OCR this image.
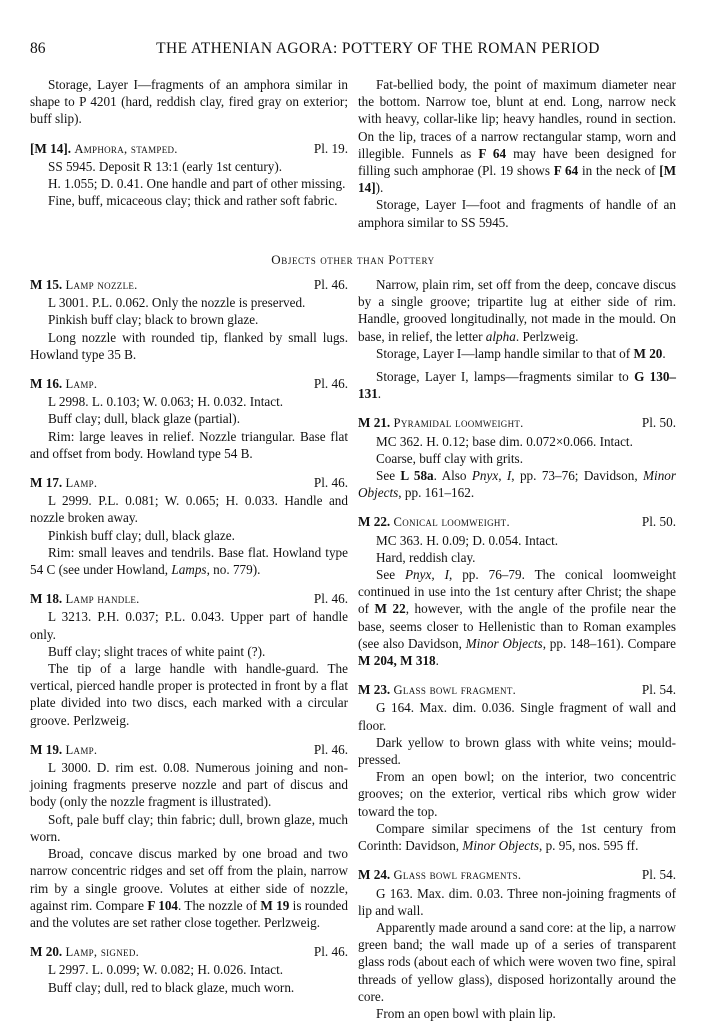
86	THE ATHENIAN AGORA: POTTERY OF THE ROMAN PERIOD

Storage, Layer I—fragments of an amphora similar in shape to P 4201 (hard, reddish clay, fired gray on exterior; buff slip).

[M 14]. Amphora, stamped.	Pl. 19.

SS 5945. Deposit R 13:1 (early 1st century).

H. 1.055; D. 0.41. One handle and part of other missing.

Fine, buff, micaceous clay; thick and rather soft fabric.

Fat-bellied body, the point of maximum diameter near the bottom. Narrow toe, blunt at end. Long, narrow neck with heavy, collar-like lip; heavy handles, round in section. On the lip, traces of a narrow rectangular stamp, worn and illegible. Funnels as F 64 may have been designed for filling such amphorae (Pl. 19 shows F 64 in the neck of [M 14]).

Storage, Layer I—foot and fragments of handle of an amphora similar to SS 5945.

Objects other than Pottery
M 15. Lamp nozzle.	Pl. 46.

L 3001. P.L. 0.062. Only the nozzle is preserved.

Pinkish buff clay; black to brown glaze.

Long nozzle with rounded tip, flanked by small lugs. Howland type 35 B.

M 16. Lamp.	Pl. 46.

L 2998. L. 0.103; W. 0.063; H. 0.032. Intact.

Buff clay; dull, black glaze (partial).

Rim: large leaves in relief. Nozzle triangular. Base flat and offset from body. Howland type 54 B.

M 17. Lamp.	Pl. 46.

L 2999. P.L. 0.081; W. 0.065; H. 0.033. Handle and nozzle broken away.

Pinkish buff clay; dull, black glaze.

Rim: small leaves and tendrils. Base flat. Howland type 54 C (see under Howland, Lamps, no. 779).

M 18. Lamp handle.	Pl. 46.

L 3213. P.H. 0.037; P.L. 0.043. Upper part of handle only.

Buff clay; slight traces of white paint (?).

The tip of a large handle with handle-guard. The vertical, pierced handle proper is protected in front by a flat plate divided into two discs, each marked with a circular groove. Perlzweig.

M 19. Lamp.	Pl. 46.

L 3000. D. rim est. 0.08. Numerous joining and non-joining fragments preserve nozzle and part of discus and body (only the nozzle fragment is illustrated).

Soft, pale buff clay; thin fabric; dull, brown glaze, much worn.

Broad, concave discus marked by one broad and two narrow concentric ridges and set off from the plain, narrow rim by a single groove. Volutes at either side of nozzle, against rim. Compare F 104. The nozzle of M 19 is rounded and the volutes are set rather close together. Perlzweig.

M 20. Lamp, signed.	Pl. 46.

L 2997. L. 0.099; W. 0.082; H. 0.026. Intact.

Buff clay; dull, red to black glaze, much worn.

Narrow, plain rim, set off from the deep, concave discus by a single groove; tripartite lug at either side of rim. Handle, grooved longitudinally, not made in the mould. On base, in relief, the letter alpha. Perlzweig.

Storage, Layer I—lamp handle similar to that of M 20.

Storage, Layer I, lamps—fragments similar to G 130–131.

M 21. Pyramidal loomweight.	Pl. 50.

MC 362. H. 0.12; base dim. 0.072×0.066. Intact.

Coarse, buff clay with grits.

See L 58a. Also Pnyx, I, pp. 73–76; Davidson, Minor Objects, pp. 161–162.

M 22. Conical loomweight.	Pl. 50.

MC 363. H. 0.09; D. 0.054. Intact.

Hard, reddish clay.

See Pnyx, I, pp. 76–79. The conical loomweight continued in use into the 1st century after Christ; the shape of M 22, however, with the angle of the profile near the base, seems closer to Hellenistic than to Roman examples (see also Davidson, Minor Objects, pp. 148–161). Compare M 204, M 318.

M 23. Glass bowl fragment.	Pl. 54.

G 164. Max. dim. 0.036. Single fragment of wall and floor.

Dark yellow to brown glass with white veins; mould-pressed.

From an open bowl; on the interior, two concentric grooves; on the exterior, vertical ribs which grow wider toward the top.

Compare similar specimens of the 1st century from Corinth: Davidson, Minor Objects, p. 95, nos. 595 ff.

M 24. Glass bowl fragments.	Pl. 54.

G 163. Max. dim. 0.03. Three non-joining fragments of lip and wall.

Apparently made around a sand core: at the lip, a narrow green band; the wall made up of a series of transparent glass rods (about each of which were woven two fine, spiral threads of yellow glass), disposed horizontally around the core.

From an open bowl with plain lip.
